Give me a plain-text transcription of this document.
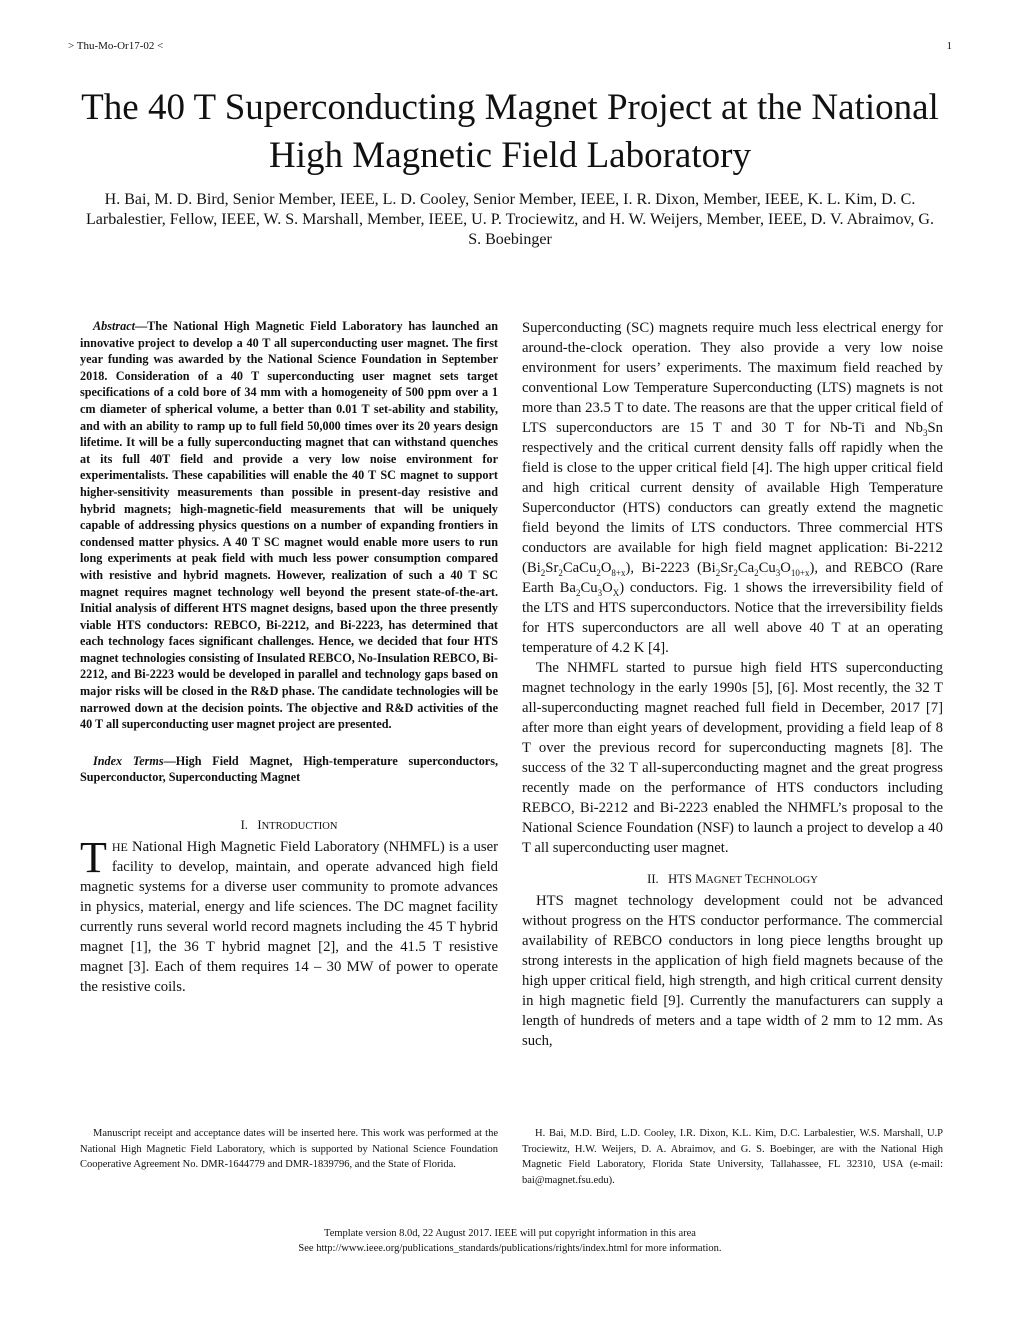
> Thu-Mo-Or17-02 <	1
The 40 T Superconducting Magnet Project at the National High Magnetic Field Laboratory
H. Bai, M. D. Bird, Senior Member, IEEE, L. D. Cooley, Senior Member, IEEE, I. R. Dixon, Member, IEEE, K. L. Kim, D. C. Larbalestier, Fellow, IEEE, W. S. Marshall, Member, IEEE, U. P. Trociewitz, and H. W. Weijers, Member, IEEE, D. V. Abraimov, G. S. Boebinger

Abstract—The National High Magnetic Field Laboratory has launched an innovative project to develop a 40 T all superconducting user magnet. The first year funding was awarded by the National Science Foundation in September 2018. Consideration of a 40 T superconducting user magnet sets target specifications of a cold bore of 34 mm with a homogeneity of 500 ppm over a 1 cm diameter of spherical volume, a better than 0.01 T set-ability and stability, and with an ability to ramp up to full field 50,000 times over its 20 years design lifetime. It will be a fully superconducting magnet that can withstand quenches at its full 40T field and provide a very low noise environment for experimentalists. These capabilities will enable the 40 T SC magnet to support higher-sensitivity measurements than possible in present-day resistive and hybrid magnets; high-magnetic-field measurements that will be uniquely capable of addressing physics questions on a number of expanding frontiers in condensed matter physics. A 40 T SC magnet would enable more users to run long experiments at peak field with much less power consumption compared with resistive and hybrid magnets. However, realization of such a 40 T SC magnet requires magnet technology well beyond the present state-of-the-art. Initial analysis of different HTS magnet designs, based upon the three presently viable HTS conductors: REBCO, Bi-2212, and Bi-2223, has determined that each technology faces significant challenges. Hence, we decided that four HTS magnet technologies consisting of Insulated REBCO, No-Insulation REBCO, Bi-2212, and Bi-2223 would be developed in parallel and technology gaps based on major risks will be closed in the R&D phase. The candidate technologies will be narrowed down at the decision points. The objective and R&D activities of the 40 T all superconducting user magnet project are presented.

Index Terms—High Field Magnet, High-temperature superconductors, Superconductor, Superconducting Magnet

I. INTRODUCTION

THE National High Magnetic Field Laboratory (NHMFL) is a user facility to develop, maintain, and operate advanced high field magnetic systems for a diverse user community to promote advances in physics, material, energy and life sciences. The DC magnet facility currently runs several world record magnets including the 45 T hybrid magnet [1], the 36 T hybrid magnet [2], and the 41.5 T resistive magnet [3]. Each of them requires 14 – 30 MW of power to operate the resistive coils.

Superconducting (SC) magnets require much less electrical energy for around-the-clock operation. They also provide a very low noise environment for users’ experiments. The maximum field reached by conventional Low Temperature Superconducting (LTS) magnets is not more than 23.5 T to date. The reasons are that the upper critical field of LTS superconductors are 15 T and 30 T for Nb-Ti and $Nb_3Sn$ respectively and the critical current density falls off rapidly when the field is close to the upper critical field [4]. The high upper critical field and high critical current density of available High Temperature Superconductor (HTS) conductors can greatly extend the magnetic field beyond the limits of LTS conductors. Three commercial HTS conductors are available for high field magnet application: Bi-2212 $(Bi_2Sr_2CaCu_2O_{8+x})$, Bi-2223 $(Bi_2Sr_2Ca_2Cu_3O_{10+x})$, and REBCO (Rare Earth $Ba_2Cu_3O_X$) conductors. Fig. 1 shows the irreversibility field of the LTS and HTS superconductors. Notice that the irreversibility fields for HTS superconductors are all well above 40 T at an operating temperature of 4.2 K [4].

The NHMFL started to pursue high field HTS superconducting magnet technology in the early 1990s [5], [6]. Most recently, the 32 T all-superconducting magnet reached full field in December, 2017 [7] after more than eight years of development, providing a field leap of 8 T over the previous record for superconducting magnets [8]. The success of the 32 T all-superconducting magnet and the great progress recently made on the performance of HTS conductors including REBCO, Bi-2212 and Bi-2223 enabled the NHMFL’s proposal to the National Science Foundation (NSF) to launch a project to develop a 40 T all superconducting user magnet.

II. HTS MAGNET TECHNOLOGY

HTS magnet technology development could not be advanced without progress on the HTS conductor performance. The commercial availability of REBCO conductors in long piece lengths brought up strong interests in the application of high field magnets because of the high upper critical field, high strength, and high critical current density in high magnetic field [9]. Currently the manufacturers can supply a length of hundreds of meters and a tape width of 2 mm to 12 mm. As such,

Manuscript receipt and acceptance dates will be inserted here. This work was performed at the National High Magnetic Field Laboratory, which is supported by National Science Foundation Cooperative Agreement No. DMR-1644779 and DMR-1839796, and the State of Florida.

H. Bai, M.D. Bird, L.D. Cooley, I.R. Dixon, K.L. Kim, D.C. Larbalestier, W.S. Marshall, U.P Trociewitz, H.W. Weijers, D. A. Abraimov, and G. S. Boebinger, are with the National High Magnetic Field Laboratory, Florida State University, Tallahassee, FL 32310, USA (e-mail: bai@magnet.fsu.edu).

Template version 8.0d, 22 August 2017. IEEE will put copyright information in this area
See http://www.ieee.org/publications_standards/publications/rights/index.html for more information.
